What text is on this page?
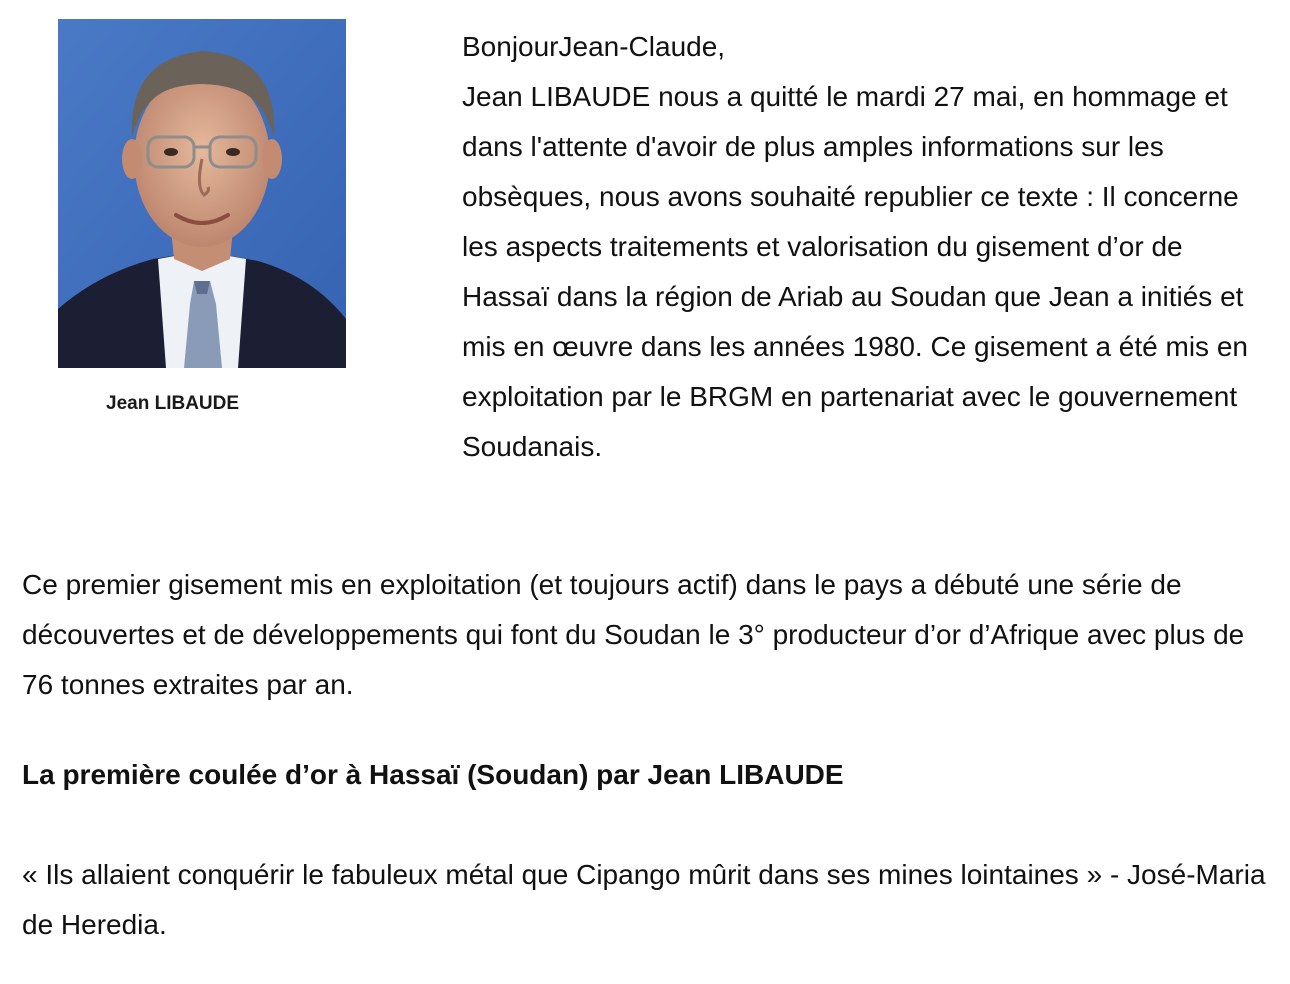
Jean LIBAUDE

BonjourJean-Claude,

Jean LIBAUDE nous a quitté le mardi 27 mai, en hommage et dans l'attente d'avoir de plus amples informations sur les obsèques, nous avons souhaité republier ce texte : Il concerne les aspects traitements et valorisation du gisement d’or de Hassaï dans la région de Ariab au Soudan que Jean a initiés et mis en œuvre dans les années 1980. Ce gisement a été mis en exploitation par le BRGM en partenariat avec le gouvernement Soudanais.

Ce premier gisement mis en exploitation (et toujours actif) dans le pays a débuté une série de découvertes et de développements qui font du Soudan le 3° producteur d’or d’Afrique avec plus de 76 tonnes extraites par an.

La première coulée d’or à Hassaï (Soudan) par Jean LIBAUDE

« Ils allaient conquérir le fabuleux métal que Cipango mûrit dans ses mines lointaines » - José-Maria de Heredia.
